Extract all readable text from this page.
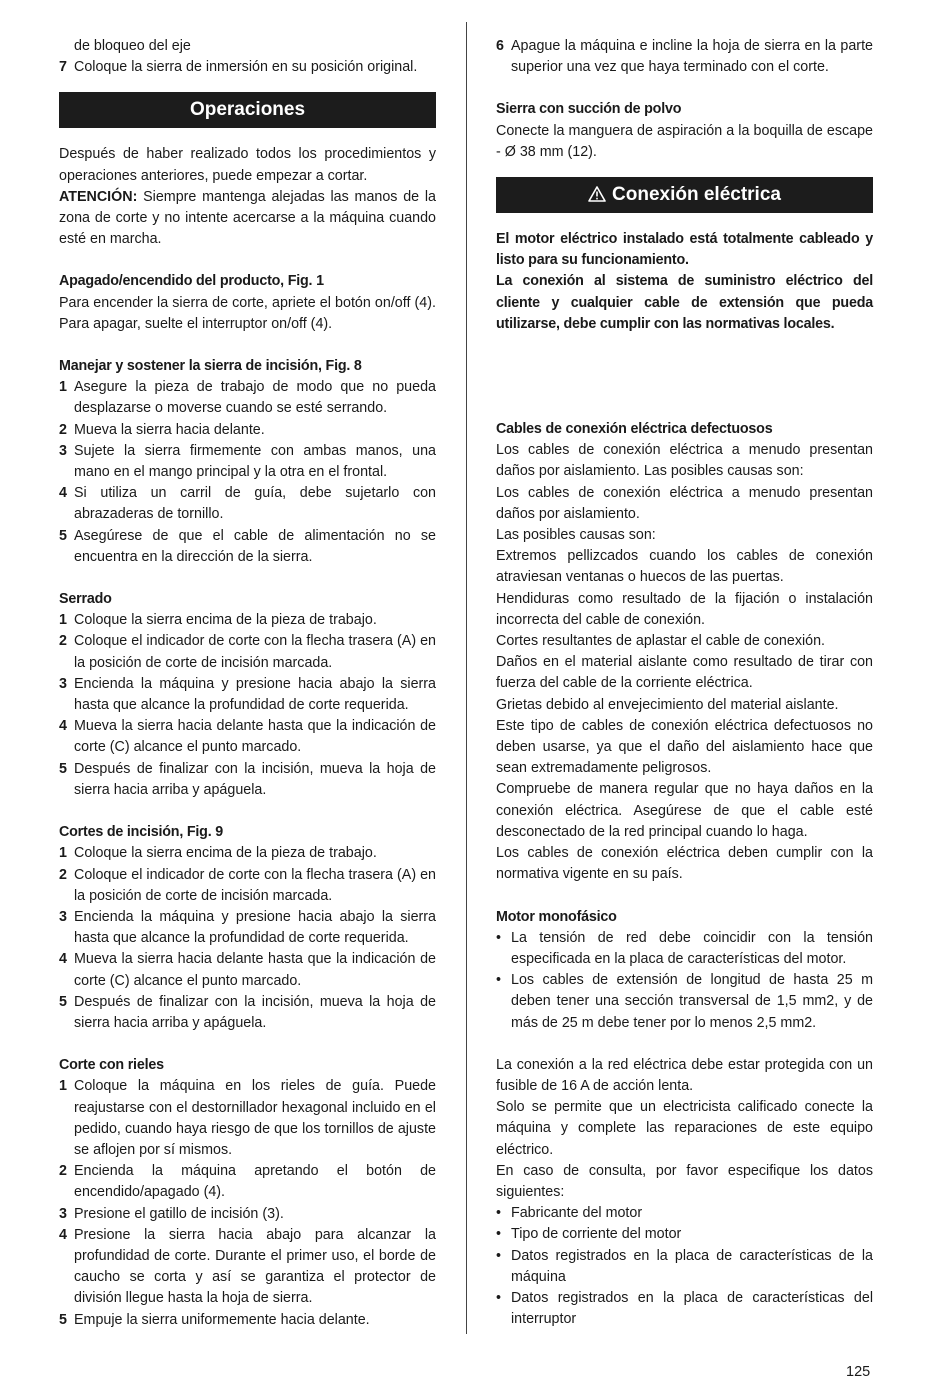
de bloqueo del eje

7 Coloque la sierra de inmersión en su posición original.
Operaciones

Después de haber realizado todos los procedimientos y operaciones anteriores, puede empezar a cortar.

ATENCIÓN: Siempre mantenga alejadas las manos de la zona de corte y no intente acercarse a la máquina cuando esté en marcha.

Apagado/encendido del producto, Fig. 1

Para encender la sierra de corte, apriete el botón on/off (4). Para apagar, suelte el interruptor on/off (4).

Manejar y sostener la sierra de incisión, Fig. 8

1 Asegure la pieza de trabajo de modo que no pueda desplazarse o moverse cuando se esté serrando.
2 Mueva la sierra hacia delante.
3 Sujete la sierra firmemente con ambas manos, una mano en el mango principal y la otra en el frontal.
4 Si utiliza un carril de guía, debe sujetarlo con abrazaderas de tornillo.
5 Asegúrese de que el cable de alimentación no se encuentra en la dirección de la sierra.

Serrado

1 Coloque la sierra encima de la pieza de trabajo.
2 Coloque el indicador de corte con la flecha trasera (A) en la posición de corte de incisión marcada.
3 Encienda la máquina y presione hacia abajo la sierra hasta que alcance la profundidad de corte requerida.
4 Mueva la sierra hacia delante hasta que la indicación de corte (C) alcance el punto marcado.
5 Después de finalizar con la incisión, mueva la hoja de sierra hacia arriba y apáguela.

Cortes de incisión, Fig. 9

1 Coloque la sierra encima de la pieza de trabajo.
2 Coloque el indicador de corte con la flecha trasera (A) en la posición de corte de incisión marcada.
3 Encienda la máquina y presione hacia abajo la sierra hasta que alcance la profundidad de corte requerida.
4 Mueva la sierra hacia delante hasta que la indicación de corte (C) alcance el punto marcado.
5 Después de finalizar con la incisión, mueva la hoja de sierra hacia arriba y apáguela.

Corte con rieles

1 Coloque la máquina en los rieles de guía. Puede reajustarse con el destornillador hexagonal incluido en el pedido, cuando haya riesgo de que los tornillos de ajuste se aflojen por sí mismos.
2 Encienda la máquina apretando el botón de encendido/apagado (4).
3 Presione el gatillo de incisión (3).
4 Presione la sierra hacia abajo para alcanzar la profundidad de corte. Durante el primer uso, el borde de caucho se corta y así se garantiza el protector de división llegue hasta la hoja de sierra.
5 Empuje la sierra uniformemente hacia delante.
6 Apague la máquina e incline la hoja de sierra en la parte superior una vez que haya terminado con el corte.

Sierra con succión de polvo

Conecte la manguera de aspiración a la boquilla de escape - Ø 38 mm (12).

Conexión eléctrica

El motor eléctrico instalado está totalmente cableado y listo para su funcionamiento.

La conexión al sistema de suministro eléctrico del cliente y cualquier cable de extensión que pueda utilizarse, debe cumplir con las normativas locales.

Cables de conexión eléctrica defectuosos

Los cables de conexión eléctrica a menudo presentan daños por aislamiento. Las posibles causas son:

Los cables de conexión eléctrica a menudo presentan daños por aislamiento.

Las posibles causas son:

Extremos pellizcados cuando los cables de conexión atraviesan ventanas o huecos de las puertas.

Hendiduras como resultado de la fijación o instalación incorrecta del cable de conexión.

Cortes resultantes de aplastar el cable de conexión.

Daños en el material aislante como resultado de tirar con fuerza del cable de la corriente eléctrica.

Grietas debido al envejecimiento del material aislante.

Este tipo de cables de conexión eléctrica defectuosos no deben usarse, ya que el daño del aislamiento hace que sean extremadamente peligrosos.

Compruebe de manera regular que no haya daños en la conexión eléctrica. Asegúrese de que el cable esté desconectado de la red principal cuando lo haga.

Los cables de conexión eléctrica deben cumplir con la normativa vigente en su país.

Motor monofásico

• La tensión de red debe coincidir con la tensión especificada en la placa de características del motor.
• Los cables de extensión de longitud de hasta 25 m deben tener una sección transversal de 1,5 mm2, y de más de 25 m debe tener por lo menos 2,5 mm2.

La conexión a la red eléctrica debe estar protegida con un fusible de 16 A de acción lenta.

Solo se permite que un electricista calificado conecte la máquina y complete las reparaciones de este equipo eléctrico.

En caso de consulta, por favor especifique los datos siguientes:

• Fabricante del motor
• Tipo de corriente del motor
• Datos registrados en la placa de características de la máquina
• Datos registrados en la placa de características del interruptor
125
